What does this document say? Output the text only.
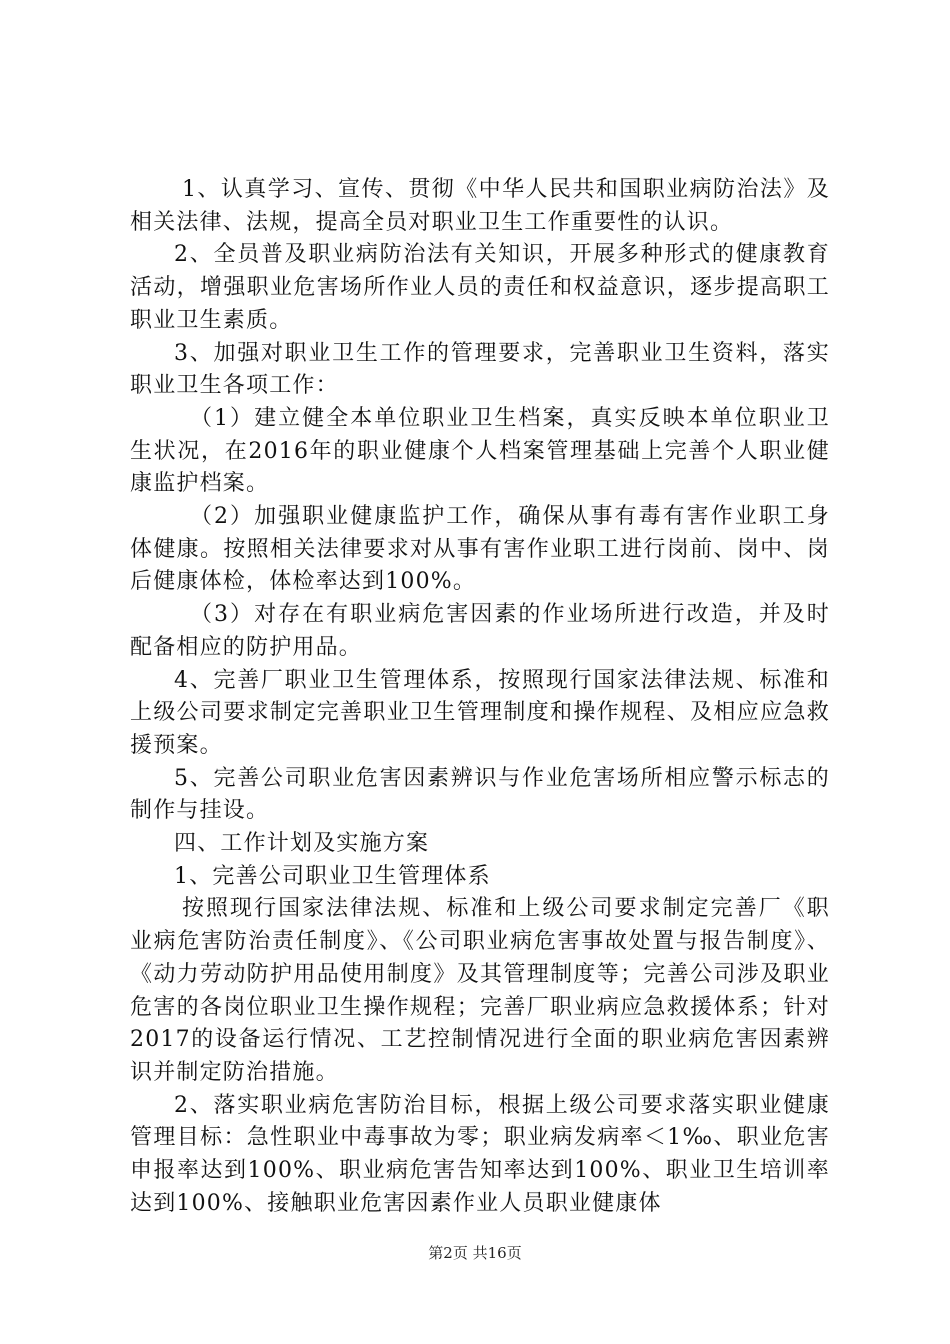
1、认真学习、宣传、贯彻《中华人民共和国职业病防治法》及相关法律、法规，提高全员对职业卫生工作重要性的认识。

2、全员普及职业病防治法有关知识，开展多种形式的健康教育活动，增强职业危害场所作业人员的责任和权益意识，逐步提高职工职业卫生素质。

3、加强对职业卫生工作的管理要求，完善职业卫生资料，落实职业卫生各项工作：

（1）建立健全本单位职业卫生档案，真实反映本单位职业卫生状况，在2016年的职业健康个人档案管理基础上完善个人职业健康监护档案。

（2）加强职业健康监护工作，确保从事有毒有害作业职工身体健康。按照相关法律要求对从事有害作业职工进行岗前、岗中、岗后健康体检，体检率达到100%。

（3）对存在有职业病危害因素的作业场所进行改造，并及时配备相应的防护用品。

4、完善厂职业卫生管理体系，按照现行国家法律法规、标准和上级公司要求制定完善职业卫生管理制度和操作规程、及相应应急救援预案。

5、完善公司职业危害因素辨识与作业危害场所相应警示标志的制作与挂设。

四、工作计划及实施方案

1、完善公司职业卫生管理体系

按照现行国家法律法规、标准和上级公司要求制定完善厂《职业病危害防治责任制度》、《公司职业病危害事故处置与报告制度》、《动力劳动防护用品使用制度》及其管理制度等；完善公司涉及职业危害的各岗位职业卫生操作规程；完善厂职业病应急救援体系；针对2017的设备运行情况、工艺控制情况进行全面的职业病危害因素辨识并制定防治措施。

2、落实职业病危害防治目标，根据上级公司要求落实职业健康管理目标：急性职业中毒事故为零；职业病发病率＜1‰、职业危害申报率达到100%、职业病危害告知率达到100%、职业卫生培训率达到100%、接触职业危害因素作业人员职业健康体

第2页 共16页
